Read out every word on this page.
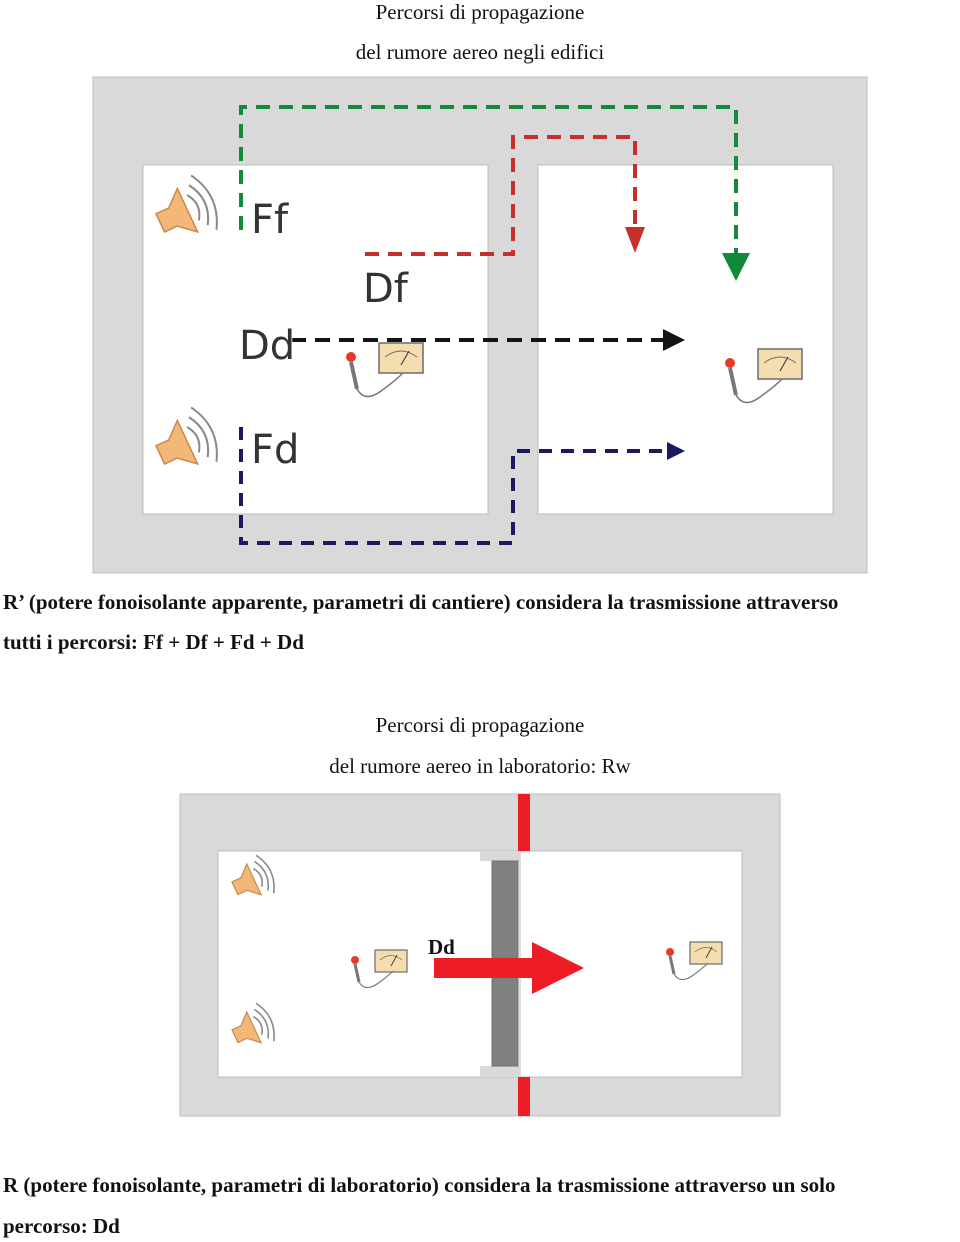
Percorsi di propagazione
del rumore aereo negli edifici
Ff
Df
Dd
Fd
R’ (potere fonoisolante apparente, parametri di cantiere) considera la trasmissione attraverso
tutti i percorsi: Ff + Df + Fd + Dd
Percorsi di propagazione
del rumore aereo in laboratorio: Rw
Dd
R (potere fonoisolante, parametri di laboratorio) considera la trasmissione attraverso un solo
percorso: Dd
